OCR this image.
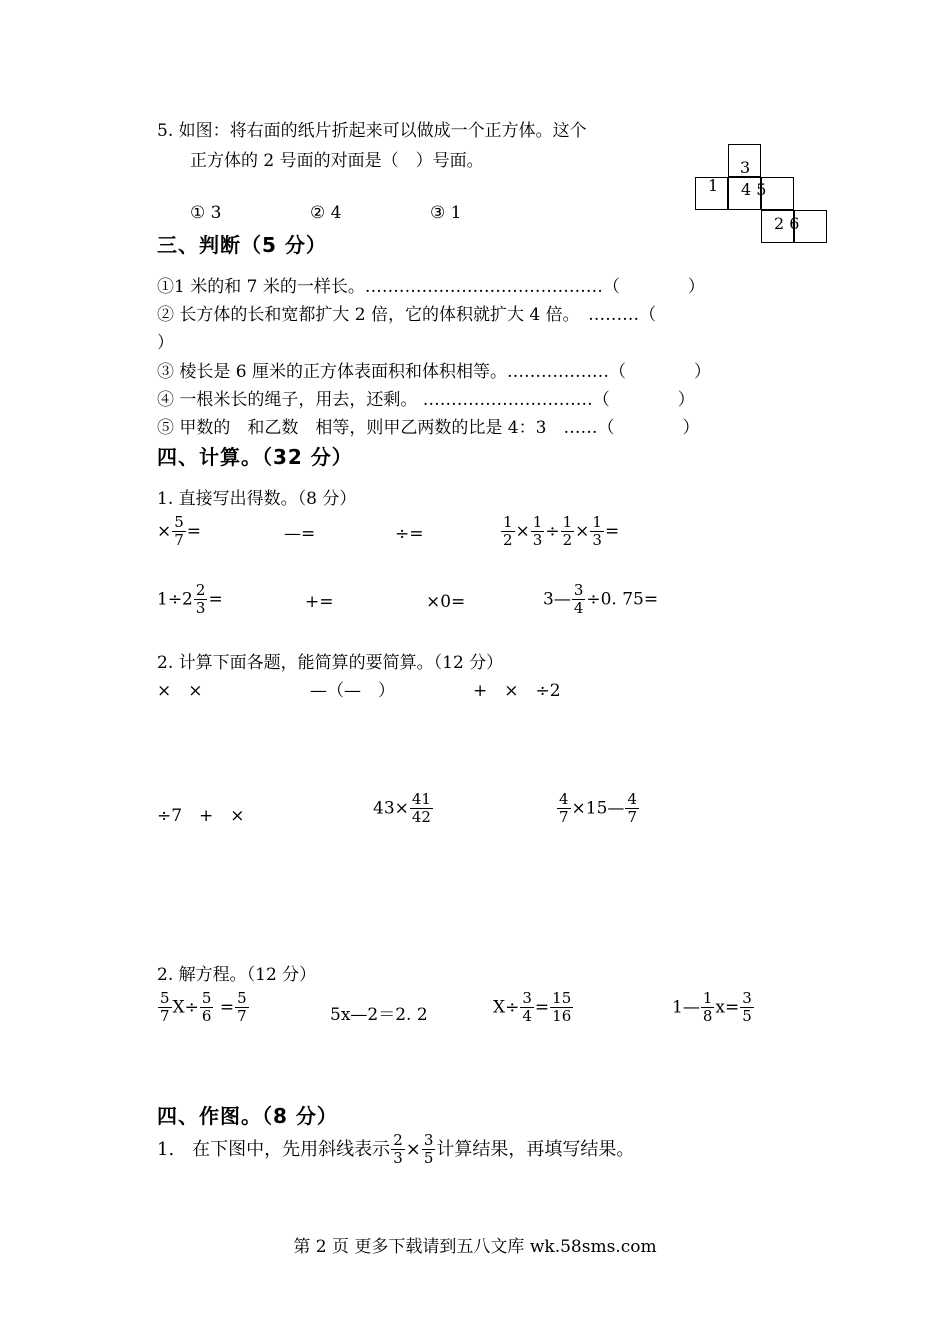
5. 如图：将右面的纸片折起来可以做成一个正方体。这个
正方体的 2 号面的对面是（　）号面。
① 3	② 4	③ 1
3
1 4 5
2 6
三、判断（5 分）
①1 米的和 7 米的一样长。……………………………………（　　　　）
② 长方体的长和宽都扩大 2 倍，它的体积就扩大 4 倍。　………（
）
③ 棱长是 6 厘米的正方体表面积和体积相等。………………（　　　　）
④ 一根米长的绳子，用去，还剩。 …………………………（　　　　）
⑤ 甲数的　和乙数　相等，则甲乙两数的比是 4：3　……（　　　　）
四、计算。（32 分）
1. 直接写出得数。（8 分）
× $\frac{5}{7}$ =	—=	÷=	$\frac{1}{2} \times \frac{1}{3} \div \frac{1}{2} \times \frac{1}{3}$ =
$1\div 2 \frac{2}{3}$ =	+=	×0=	3— $\frac{3}{4} \div 0$. 75=
2. 计算下面各题，能简算的要简算。（12 分）
×　×	—（—　）	+　×　÷2
÷7　+　×	$43\times \frac{41}{42}$	$\frac{4}{7}$ ×15— $\frac{4}{7}$
2. 解方程。（12 分）
$\frac{5}{7} X\div \frac{5}{6} = \frac{5}{7}$	5x—2＝2. 2	$X\div \frac{3}{4} = \frac{15}{16}$	1— $\frac{1}{8} x= \frac{3}{5}$
四、作图。（8 分）
1.　在下图中，先用斜线表示 $\frac{2}{3} \times \frac{3}{5}$ 计算结果，再填写结果。
第 2 页 更多下载请到五八文库 wk.58sms.com
